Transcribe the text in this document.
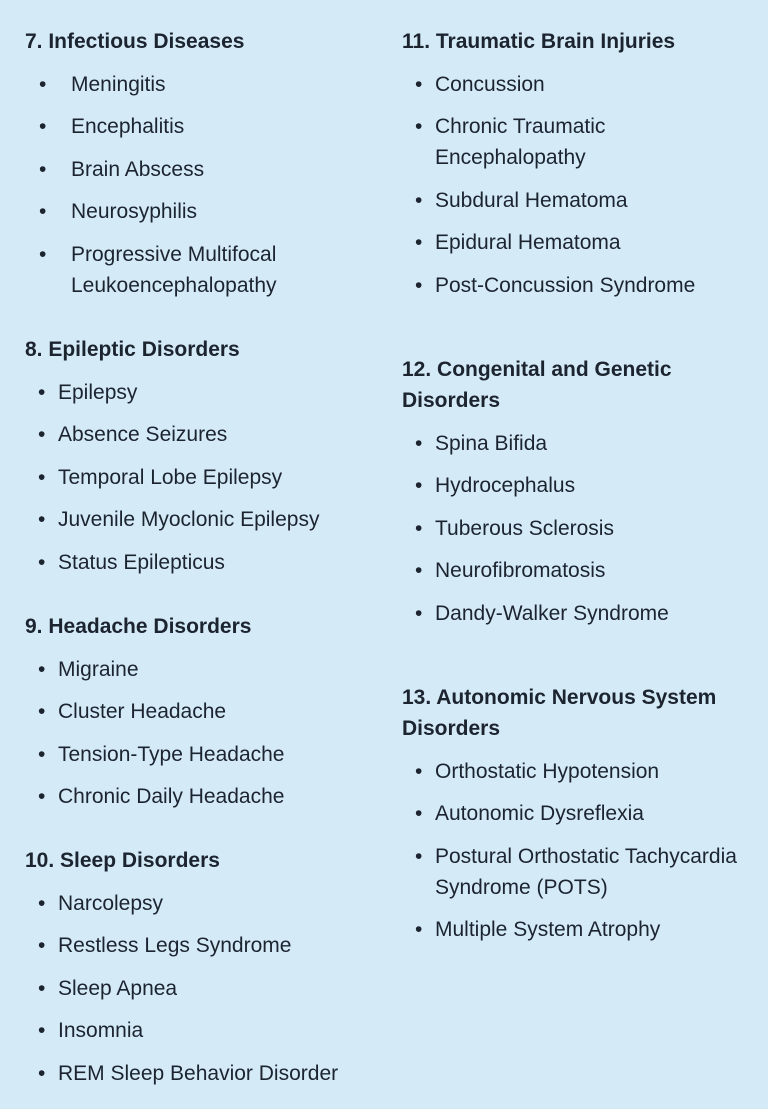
7. Infectious Diseases

• Meningitis
• Encephalitis
• Brain Abscess
• Neurosyphilis
• Progressive Multifocal Leukoencephalopathy

8. Epileptic Disorders

• Epilepsy
• Absence Seizures
• Temporal Lobe Epilepsy
• Juvenile Myoclonic Epilepsy
• Status Epilepticus

9. Headache Disorders

• Migraine
• Cluster Headache
• Tension-Type Headache
• Chronic Daily Headache

10. Sleep Disorders

• Narcolepsy
• Restless Legs Syndrome
• Sleep Apnea
• Insomnia
• REM Sleep Behavior Disorder

11. Traumatic Brain Injuries

• Concussion
• Chronic Traumatic Encephalopathy
• Subdural Hematoma
• Epidural Hematoma
• Post-Concussion Syndrome

12. Congenital and Genetic Disorders

• Spina Bifida
• Hydrocephalus
• Tuberous Sclerosis
• Neurofibromatosis
• Dandy-Walker Syndrome

13. Autonomic Nervous System Disorders

• Orthostatic Hypotension
• Autonomic Dysreflexia
• Postural Orthostatic Tachycardia Syndrome (POTS)
• Multiple System Atrophy
